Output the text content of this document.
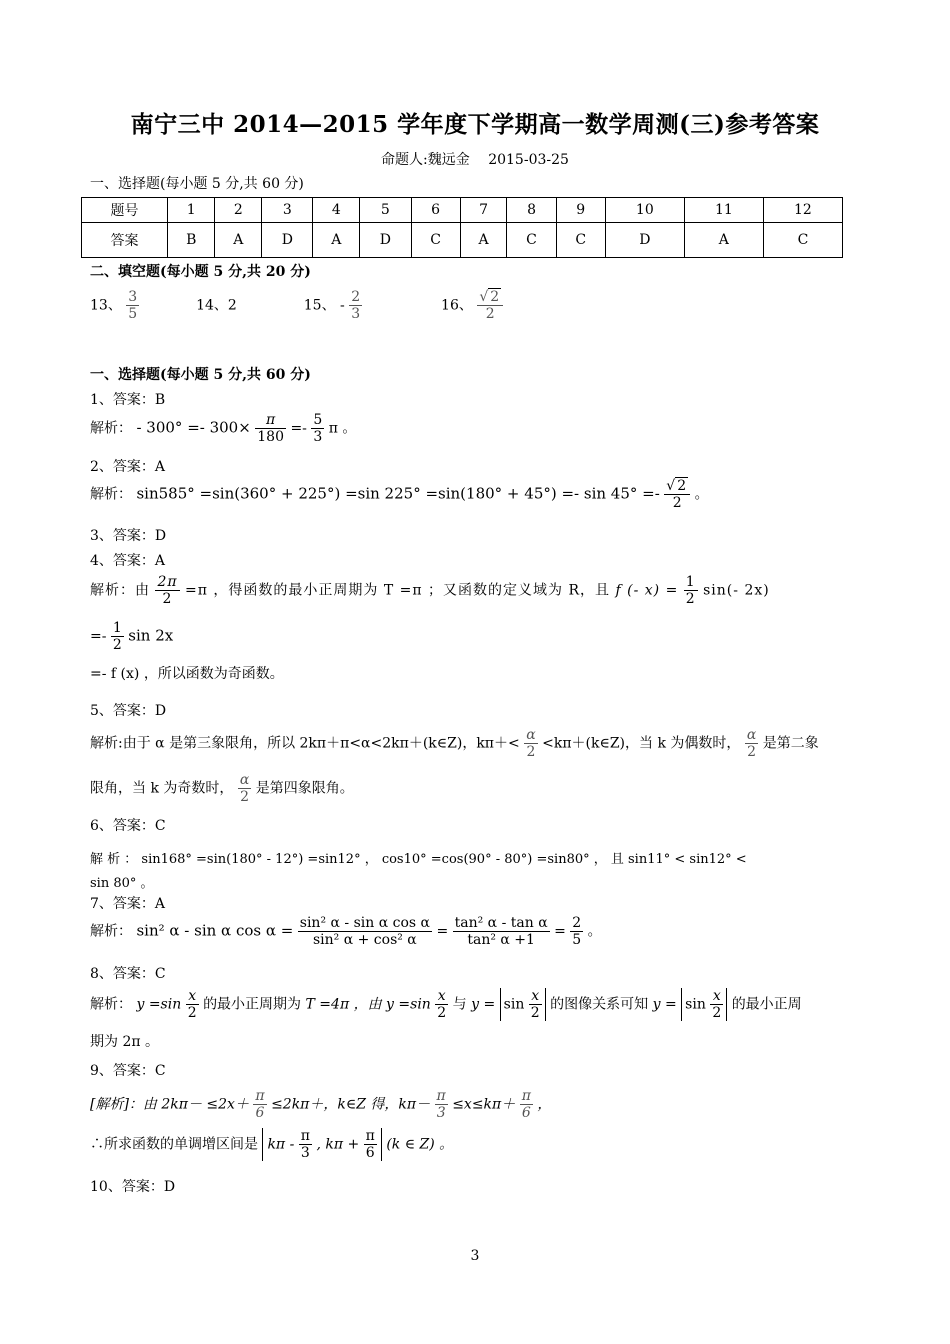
南宁三中 2014—2015 学年度下学期高一数学周测(三)参考答案
命题人:魏远金　 2015-03-25
一、选择题(每小题 5 分,共 60 分)
题号	1	2	3	4	5	6	7	8	9	10	11	12
答案	B	A	D	A	D	C	A	C	C	D	A	C
二、填空题(每小题 5 分,共 20 分)
13、 $\frac{3}{5}$	14、2	15、 - $\frac{2}{3}$	16、 $\frac{√ 2}{2}$
一、选择题(每小题 5 分,共 60 分)
1、答案：B
解析： - $300^\circ =- 300\times \frac{\pi}{180} =- \frac{5}{3}$ π 。
2、答案：A
解析： sin585° =sin(360° + 225°) =sin $225^\circ =\sin(180^\circ + 45^\circ) =- \sin 45^\circ =- \frac{√ 2}{2}$ 。
3、答案：D
4、答案：A
解析：由 $\frac{2\pi}{2} =\pi$ ，得函数的最小正周期为 T =π ；又函数的定义域为 R，且 f (- $x) = \frac{1}{2} \sin(-$ 2x)
=- $\frac{1}{2}$ sin 2x
=- f (x) ，所以函数为奇函数。
5、答案：D
解析:由于 α 是第三象限角，所以 2kπ＋π<α<2kπ＋(k∈Z)，$k\pi+< \frac{\alpha}{2}$ <kπ＋(k∈Z)，当 k 为偶数时， $\frac{\alpha}{2}$ 是第二象
限角，当 k 为奇数时， $\frac{\alpha}{2}$ 是第四象限角。
6、答案：C
解 析 ： sin168° =sin(180° - 12°) =sin12° ， cos10° =cos(90° - 80°) =sin80° ， 且 sin11° < sin12° <
sin 80° 。
7、答案：A
解析： sin² α - sin α $\cos \alpha = \frac{\text{sin² α - sin α cos α}}{\text{sin² α + cos² α}} = \frac{\text{tan² α - tan α}}{\text{tan² α +1}} = \frac{2}{5}$ 。
8、答案：C
解析： $y =\sin \frac{x}{2}$ 的最小正周期为 T =4π ，由 $y =\sin \frac{x}{2}$ 与 $y = \sin \frac{x}{2}$ 的图像关系可知 $y = \sin \frac{x}{2}$ 的最小正周
期为 2π 。
9、答案：C
[解析]：由 $2k\pi- \le 2x+ \frac{\pi}{6} \le 2k\pi+$，k∈Z 得，$k\pi- \frac{\pi}{3} \le x\le k\pi+ \frac{\pi}{6}$ ，
∴所求函数的单调增区间是 kπ - $\frac{\pi}{3}$ , $k\pi + \frac{\pi}{6} (k$ ∈ Z) 。
10、答案：D
3
